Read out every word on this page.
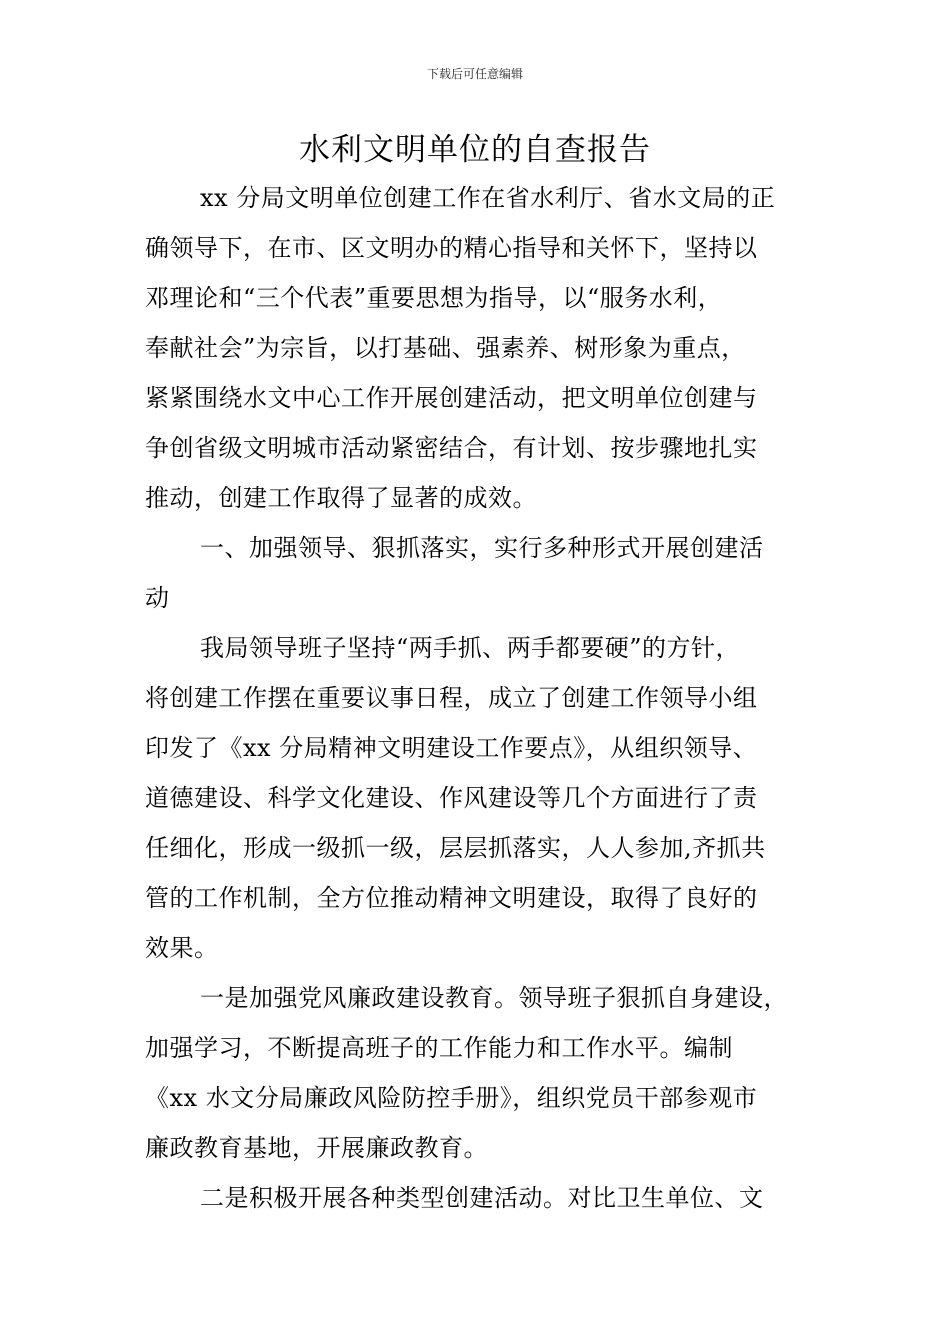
下载后可任意编辑
水利文明单位的自查报告
xx 分局文明单位创建工作在省水利厅、省水文局的正
确领导下，在市、区文明办的精心指导和关怀下，坚持以
邓理论和“三个代表”重要思想为指导，以“服务水利，
奉献社会”为宗旨，以打基础、强素养、树形象为重点，
紧紧围绕水文中心工作开展创建活动，把文明单位创建与
争创省级文明城市活动紧密结合，有计划、按步骤地扎实
推动，创建工作取得了显著的成效。
一、加强领导、狠抓落实，实行多种形式开展创建活
动
我局领导班子坚持“两手抓、两手都要硬”的方针，
将创建工作摆在重要议事日程，成立了创建工作领导小组
印发了《xx 分局精神文明建设工作要点》，从组织领导、
道德建设、科学文化建设、作风建设等几个方面进行了责
任细化，形成一级抓一级，层层抓落实，人人参加,齐抓共
管的工作机制，全方位推动精神文明建设，取得了良好的
效果。
一是加强党风廉政建设教育。领导班子狠抓自身建设，
加强学习，不断提高班子的工作能力和工作水平。编制
《xx 水文分局廉政风险防控手册》，组织党员干部参观市
廉政教育基地，开展廉政教育。
二是积极开展各种类型创建活动。对比卫生单位、文
